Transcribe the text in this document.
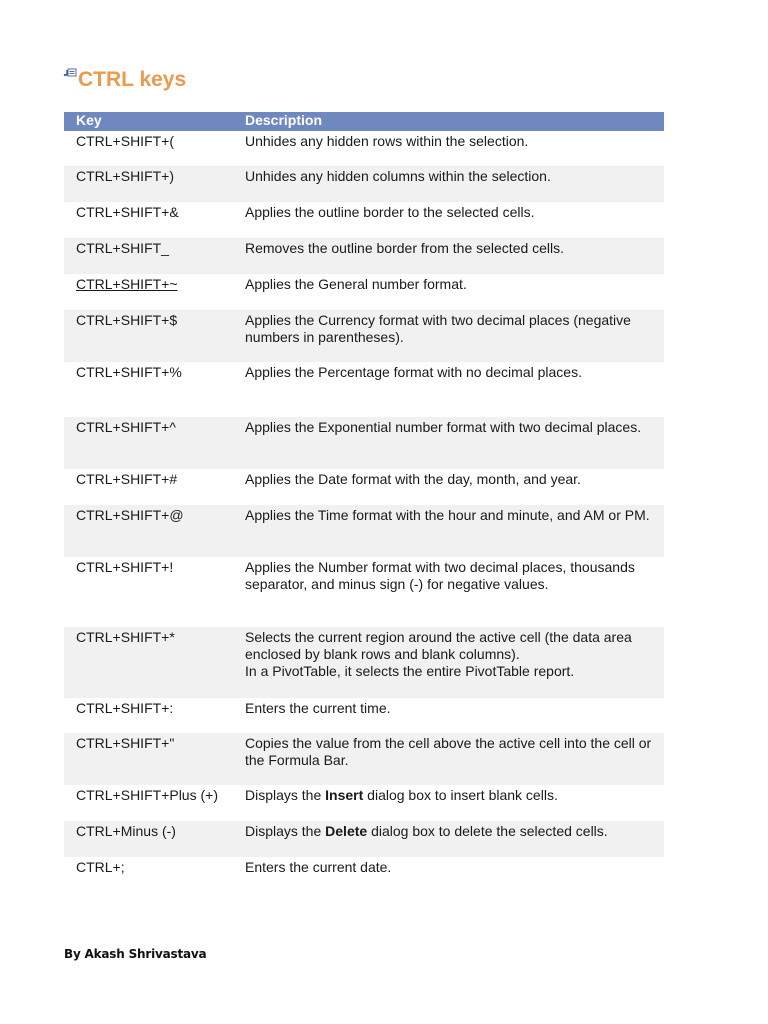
CTRL keys
Key	Description
CTRL+SHIFT+(	Unhides any hidden rows within the selection.
CTRL+SHIFT+)	Unhides any hidden columns within the selection.
CTRL+SHIFT+&	Applies the outline border to the selected cells.
CTRL+SHIFT_	Removes the outline border from the selected cells.
CTRL+SHIFT+~	Applies the General number format.
CTRL+SHIFT+$	Applies the Currency format with two decimal places (negative numbers in parentheses).
CTRL+SHIFT+%	Applies the Percentage format with no decimal places.
CTRL+SHIFT+^	Applies the Exponential number format with two decimal places.
CTRL+SHIFT+#	Applies the Date format with the day, month, and year.
CTRL+SHIFT+@	Applies the Time format with the hour and minute, and AM or PM.
CTRL+SHIFT+!	Applies the Number format with two decimal places, thousands separator, and minus sign (-) for negative values.
CTRL+SHIFT+*	Selects the current region around the active cell (the data area enclosed by blank rows and blank columns).
In a PivotTable, it selects the entire PivotTable report.
CTRL+SHIFT+:	Enters the current time.
CTRL+SHIFT+"	Copies the value from the cell above the active cell into the cell or the Formula Bar.
CTRL+SHIFT+Plus (+)	Displays the Insert dialog box to insert blank cells.
CTRL+Minus (-)	Displays the Delete dialog box to delete the selected cells.
CTRL+;	Enters the current date.
By Akash Shrivastava
